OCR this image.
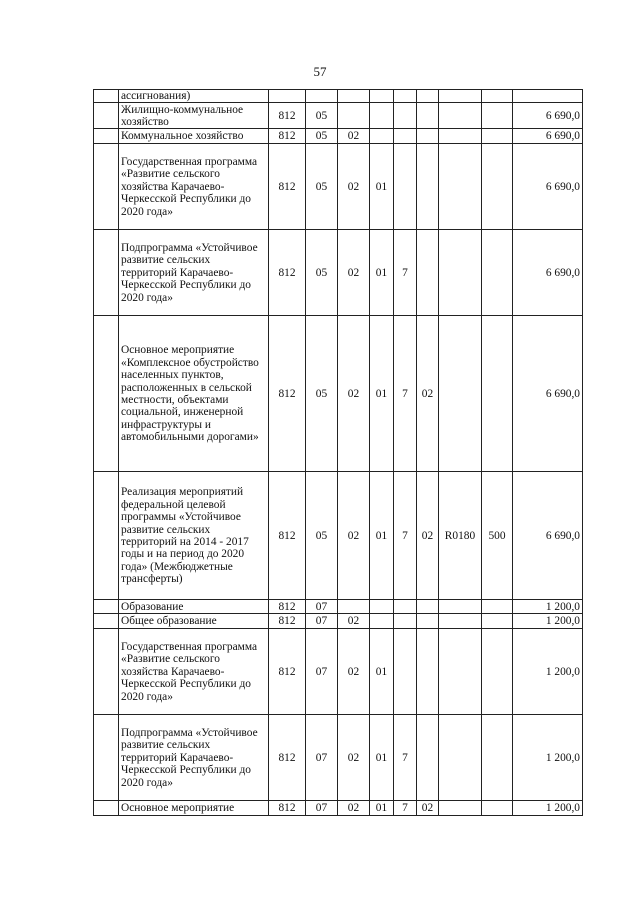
57
	ассигнования)									
	Жилищно-коммунальное хозяйство	812	05							6 690,0
	Коммунальное хозяйство	812	05	02						6 690,0
	Государственная программа «Развитие сельского хозяйства Карачаево-Черкесской Республики до 2020 года»	812	05	02	01					6 690,0
	Подпрограмма «Устойчивое развитие сельских территорий Карачаево-Черкесской Республики до 2020 года»	812	05	02	01	7				6 690,0
	Основное мероприятие «Комплексное обустройство населенных пунктов, расположенных в сельской местности, объектами социальной, инженерной инфраструктуры и автомобильными дорогами»	812	05	02	01	7	02			6 690,0
	Реализация мероприятий федеральной целевой программы «Устойчивое развитие сельских территорий на 2014 - 2017 годы и на период до 2020 года» (Межбюджетные трансферты)	812	05	02	01	7	02	R0180	500	6 690,0
	Образование	812	07							1 200,0
	Общее образование	812	07	02						1 200,0
	Государственная программа «Развитие сельского хозяйства Карачаево-Черкесской Республики до 2020 года»	812	07	02	01					1 200,0
	Подпрограмма «Устойчивое развитие сельских территорий Карачаево-Черкесской Республики до 2020 года»	812	07	02	01	7				1 200,0
	Основное мероприятие	812	07	02	01	7	02			1 200,0
